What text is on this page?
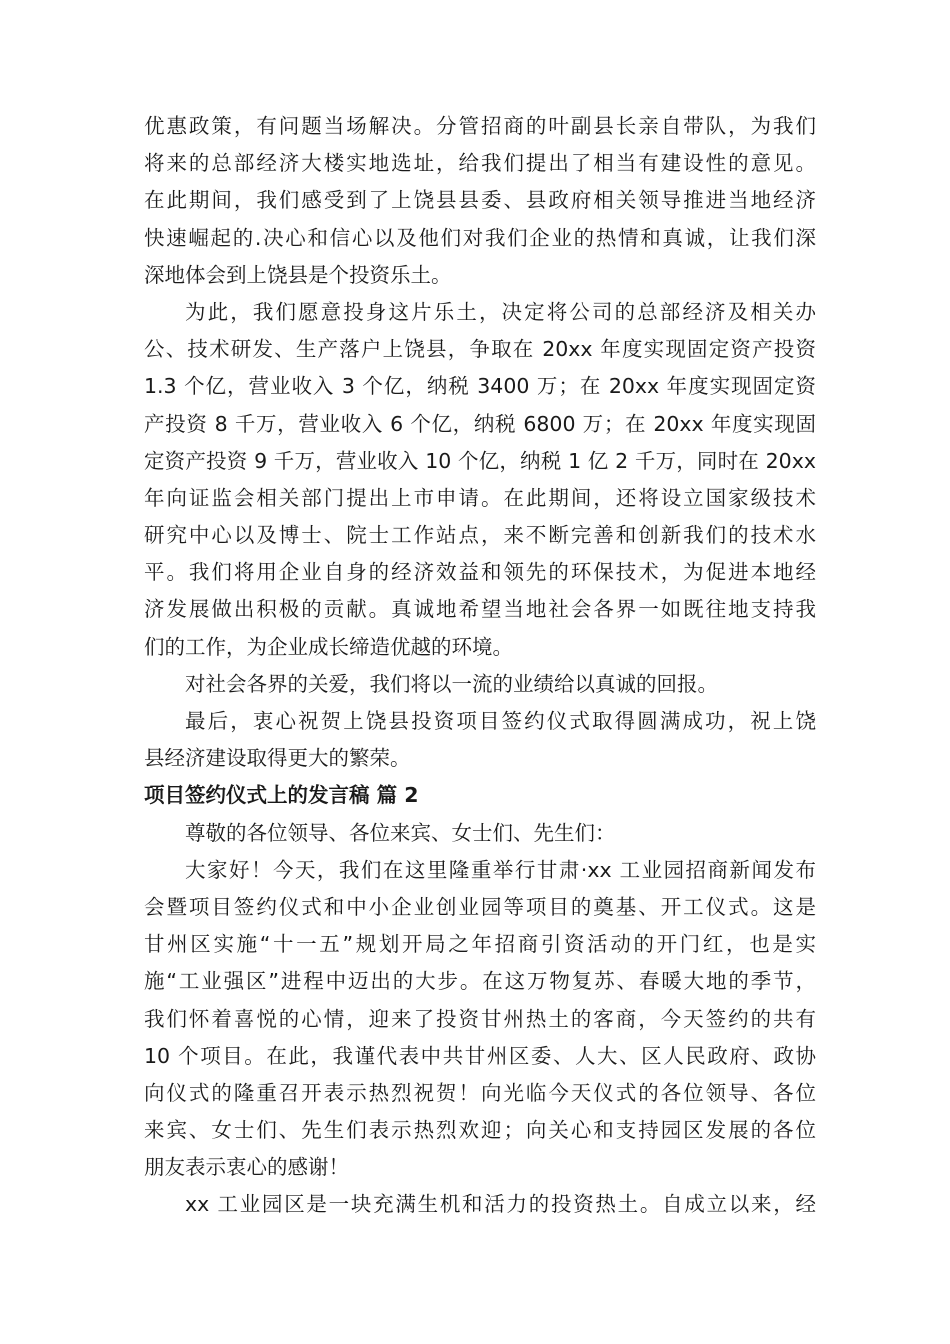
优惠政策，有问题当场解决。分管招商的叶副县长亲自带队，为我们
将来的总部经济大楼实地选址，给我们提出了相当有建设性的意见。
在此期间，我们感受到了上饶县县委、县政府相关领导推进当地经济
快速崛起的.决心和信心以及他们对我们企业的热情和真诚，让我们深
深地体会到上饶县是个投资乐土。
为此，我们愿意投身这片乐土，决定将公司的总部经济及相关办
公、技术研发、生产落户上饶县，争取在 20xx 年度实现固定资产投资
1.3 个亿，营业收入 3 个亿，纳税 3400 万；在 20xx 年度实现固定资
产投资 8 千万，营业收入 6 个亿，纳税 6800 万；在 20xx 年度实现固
定资产投资 9 千万，营业收入 10 个亿，纳税 1 亿 2 千万，同时在 20xx
年向证监会相关部门提出上市申请。在此期间，还将设立国家级技术
研究中心以及博士、院士工作站点，来不断完善和创新我们的技术水
平。我们将用企业自身的经济效益和领先的环保技术，为促进本地经
济发展做出积极的贡献。真诚地希望当地社会各界一如既往地支持我
们的工作，为企业成长缔造优越的环境。
对社会各界的关爱，我们将以一流的业绩给以真诚的回报。
最后，衷心祝贺上饶县投资项目签约仪式取得圆满成功，祝上饶
县经济建设取得更大的繁荣。
项目签约仪式上的发言稿 篇 2
尊敬的各位领导、各位来宾、女士们、先生们：
大家好！今天，我们在这里隆重举行甘肃·xx 工业园招商新闻发布
会暨项目签约仪式和中小企业创业园等项目的奠基、开工仪式。这是
甘州区实施“十一五”规划开局之年招商引资活动的开门红，也是实
施“工业强区”进程中迈出的大步。在这万物复苏、春暖大地的季节，
我们怀着喜悦的心情，迎来了投资甘州热土的客商，今天签约的共有
10 个项目。在此，我谨代表中共甘州区委、人大、区人民政府、政协
向仪式的隆重召开表示热烈祝贺！向光临今天仪式的各位领导、各位
来宾、女士们、先生们表示热烈欢迎；向关心和支持园区发展的各位
朋友表示衷心的感谢！
xx 工业园区是一块充满生机和活力的投资热土。自成立以来，经
